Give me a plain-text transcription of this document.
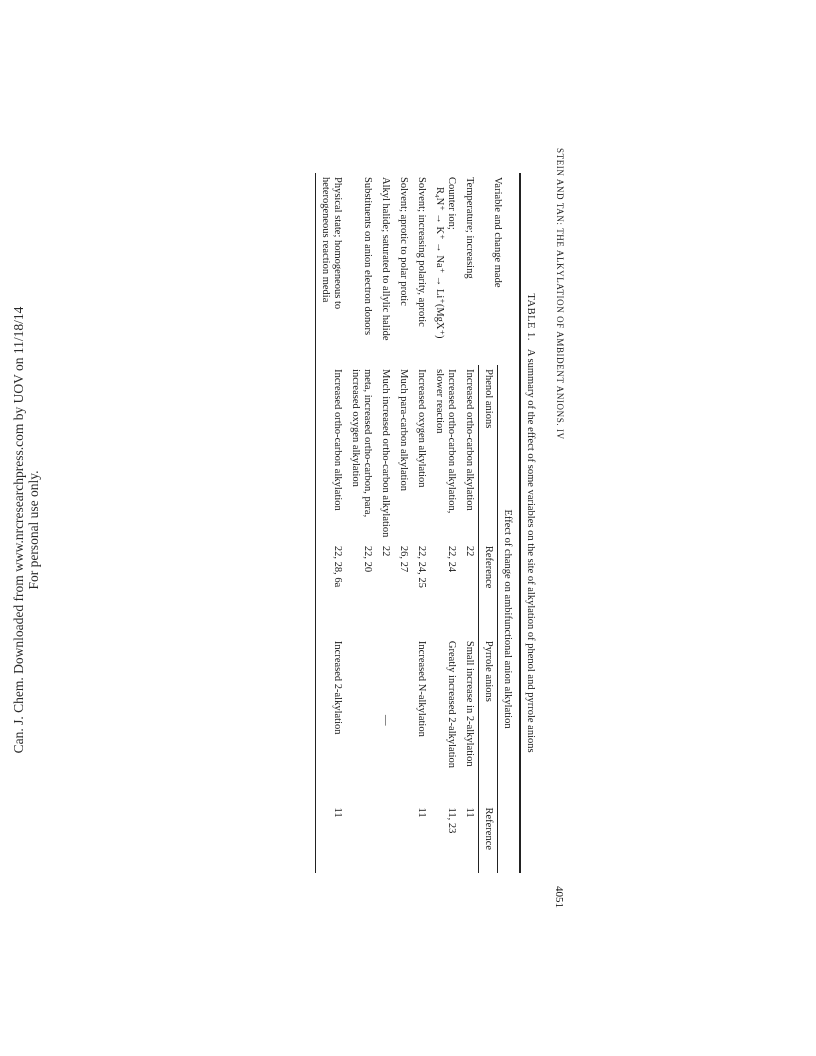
Can. J. Chem. Downloaded from www.nrcresearchpress.com by UOV on 11/18/14 For personal use only.
STEIN AND TAN: THE ALKYLATION OF AMBIDENT ANIONS. IV
4051
TABLE 1.A summary of the effect of some variables on the site of alkylation of phenol and pyrrole anions

Variable and change made	Effect of change on ambifunctional anion alkylation			
	Phenol anions	Reference	Pyrrole anions	Reference
Temperature; increasing	Increased ortho-carbon alkylation	22	Small increase in 2-alkylation	11
Counter ion;
R₄N⁺ → K⁺ → Na⁺ → Li⁺(MgX⁺)	Increased ortho-carbon alkylation, slower reaction	22, 24	Greatly increased 2-alkylation	11, 23
Solvent; increasing polarity, aprotic	Increased oxygen alkylation	22, 24, 25	Increased N-alkylation	11
Solvent; aprotic to polar protic	Much para-carbon alkylation	26, 27		
Alkyl halide; saturated to allylic halide	Much increased ortho-carbon alkylation	22	—	
Substituents on anion electron donors	meta, increased ortho-carbon, para, increased oxygen alkylation	22, 20		
Physical state; homogeneous to heterogeneous reaction media	Increased ortho-carbon alkylation	22, 28, 6a	Increased 2-alkylation	11
